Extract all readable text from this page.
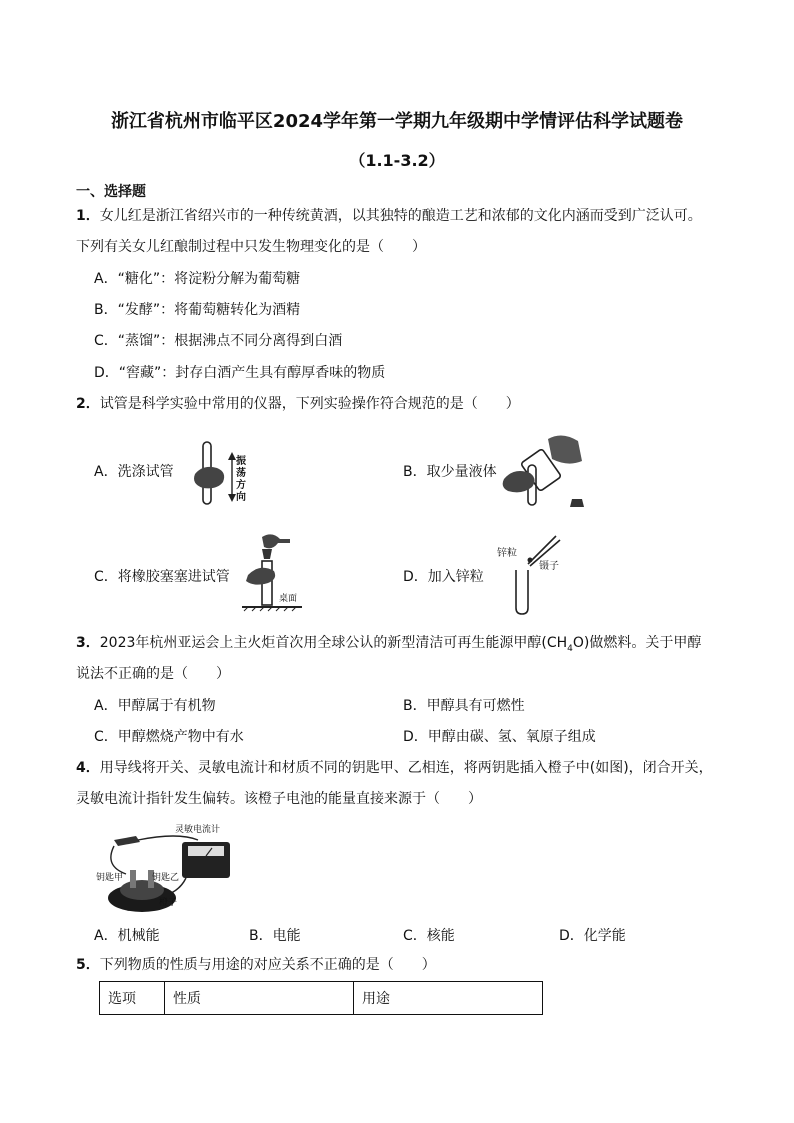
浙江省杭州市临平区2024学年第一学期九年级期中学情评估科学试题卷
（1.1-3.2）
一、选择题
1．女儿红是浙江省绍兴市的一种传统黄酒，以其独特的酿造工艺和浓郁的文化内涵而受到广泛认可。
下列有关女儿红酿制过程中只发生物理变化的是（　　）
A．“糖化”：将淀粉分解为葡萄糖
B．“发酵”：将葡萄糖转化为酒精
C．“蒸馏”：根据沸点不同分离得到白酒
D．“窖藏”：封存白酒产生具有醇厚香味的物质
2．试管是科学实验中常用的仪器，下列实验操作符合规范的是（　　）
A．洗涤试管	B．取少量液体
C．将橡胶塞塞进试管	D．加入锌粒
振
荡
方
向
桌面
锌粒
镊子
3．2023年杭州亚运会上主火炬首次用全球公认的新型清洁可再生能源甲醇$(CH_4O)$做燃料。关于甲醇
说法不正确的是（　　）
A．甲醇属于有机物	B．甲醇具有可燃性
C．甲醇燃烧产物中有水	D．甲醇由碳、氢、氧原子组成
4．用导线将开关、灵敏电流计和材质不同的钥匙甲、乙相连，将两钥匙插入橙子中(如图)，闭合开关，
灵敏电流计指针发生偏转。该橙子电池的能量直接来源于（　　）
灵敏电流计
钥匙甲	钥匙乙
橙子
A．机械能	B．电能	C．核能	D．化学能
5．下列物质的性质与用途的对应关系不正确的是（　　）
选项	性质	用途
